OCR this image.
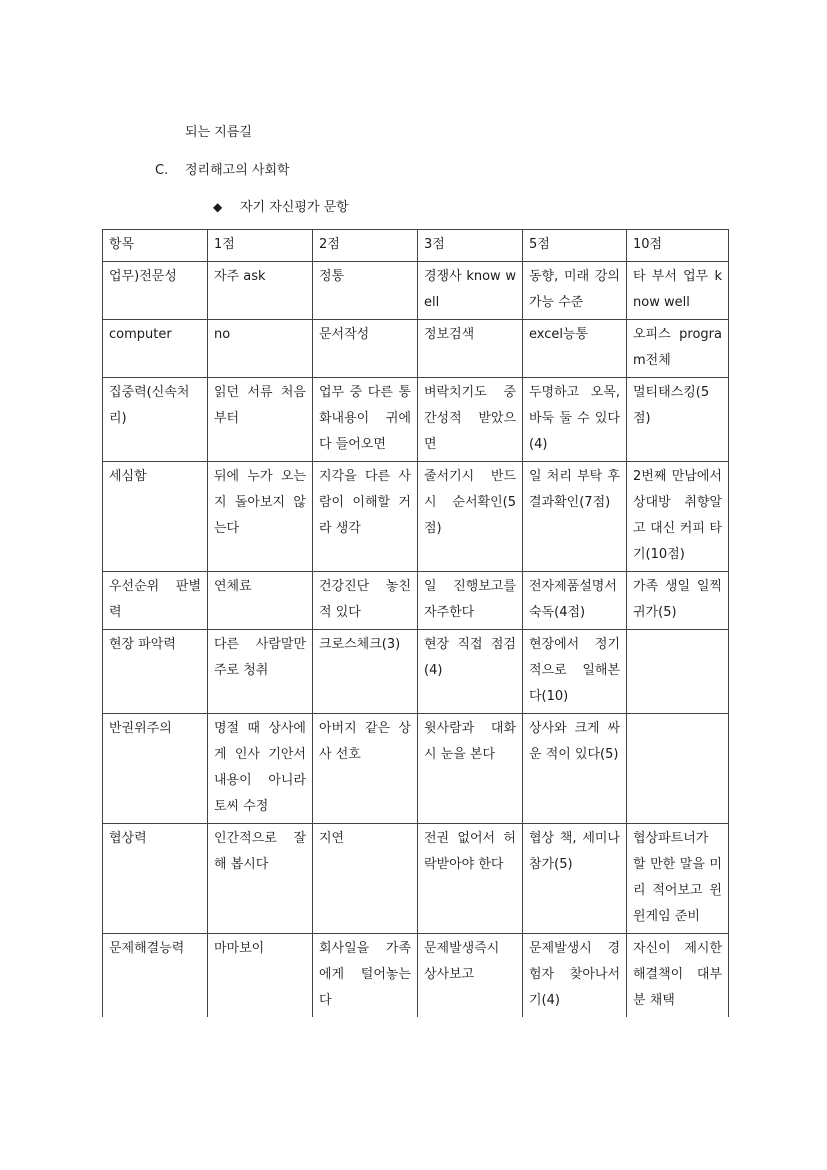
되는 지름길
C. 정리해고의 사회학
◆ 자기 자신평가 문항
항목	1점	2점	3점	5점	10점
업무)전문성	자주 ask	정통	경쟁사 know well	동향, 미래 강의가능 수준	타 부서 업무 know well
computer	no	문서작성	정보검색	excel능통	오피스 program전체
집중력(신속처리)	읽던 서류 처음부터	업무 중 다른 통화내용이 귀에 다 들어오면	벼락치기도 중간성적 받았으면	두명하고 오목, 바둑 둘 수 있다(4)	멀티태스킹(5점)
세심함	뒤에 누가 오는지 돌아보지 않는다	지각을 다른 사람이 이해할 거라 생각	줄서기시 반드시 순서확인(5점)	일 처리 부탁 후 결과확인(7점)	2번째 만남에서 상대방 취향알고 대신 커피 타기(10점)
우선순위 판별력	연체료	건강진단 놓친 적 있다	일 진행보고를 자주한다	전자제품설명서 숙독(4점)	가족 생일 일찍 귀가(5)
현장 파악력	다른 사람말만 주로 청취	크로스체크(3)	현장 직접 점검(4)	현장에서 정기적으로 일해본다(10)	
반권위주의	명절 때 상사에게 인사 기안서 내용이 아니라 토씨 수정	아버지 같은 상사 선호	윗사람과 대화시 눈을 본다	상사와 크게 싸운 적이 있다(5)	
협상력	인간적으로 잘 해 봅시다	지연	전권 없어서 허락받아야 한다	협상 책, 세미나 참가(5)	협상파트너가 할 만한 말을 미리 적어보고 윈윈게임 준비
문제해결능력	마마보이	회사일을 가족에게 털어놓는다	문제발생즉시 상사보고	문제발생시 경험자 찾아나서기(4)	자신이 제시한 해결책이 대부분 채택
